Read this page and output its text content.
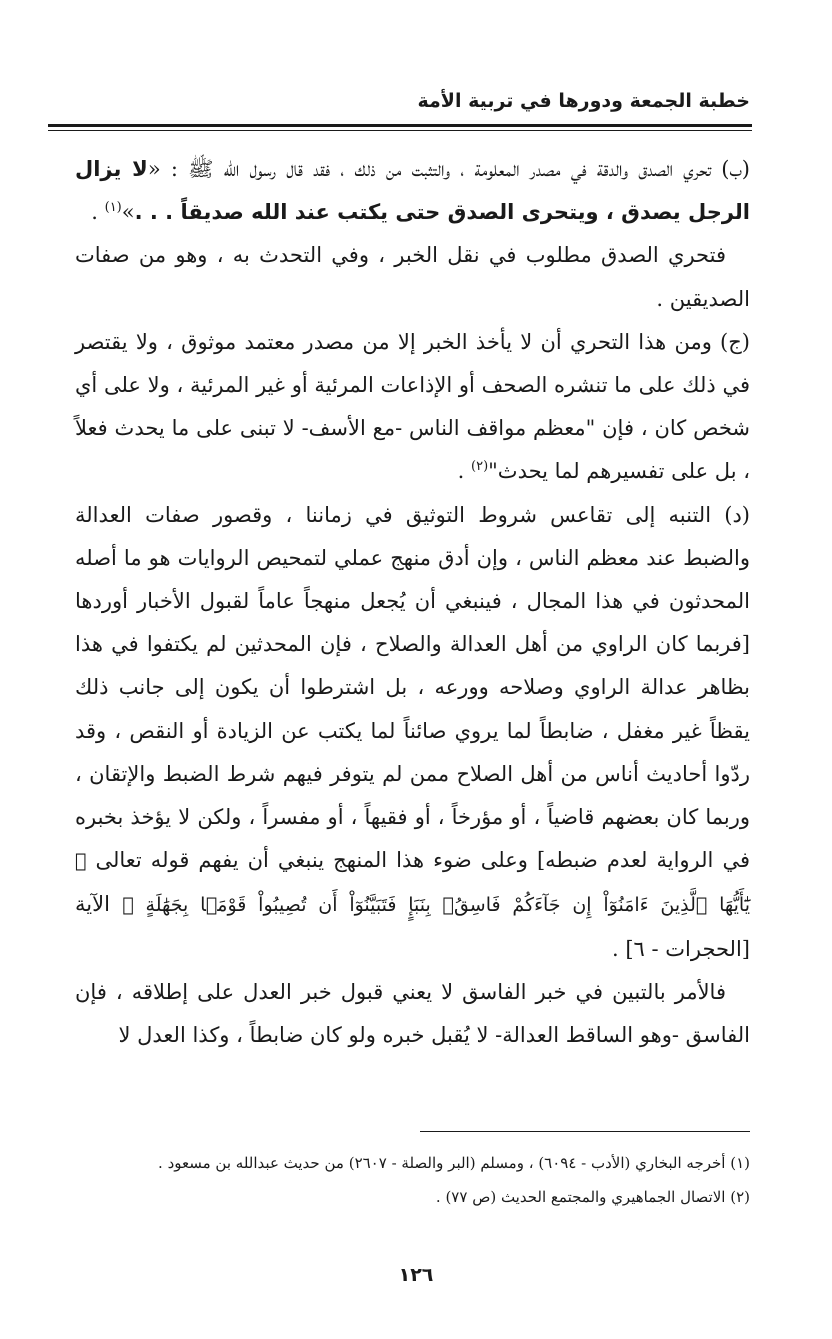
خطبة الجمعة ودورها في تربية الأمة

(ب) تحري الصدق والدقة في مصدر المعلومة ، والتثبت من ذلك ، فقد قال رسول الله ﷺ : «لا يزال الرجل يصدق ، ويتحرى الصدق حتى يكتب عند الله صديقاً . . .»$^{(١)}$ .

فتحري الصدق مطلوب في نقل الخبر ، وفي التحدث به ، وهو من صفات الصديقين .

(ج) ومن هذا التحري أن لا يأخذ الخبر إلا من مصدر معتمد موثوق ، ولا يقتصر في ذلك على ما تنشره الصحف أو الإذاعات المرئية أو غير المرئية ، ولا على أي شخص كان ، فإن "معظم مواقف الناس -مع الأسف- لا تبنى على ما يحدث فعلاً ، بل على تفسيرهم لما يحدث"$^{(٢)}$ .

(د) التنبه إلى تقاعس شروط التوثيق في زماننا ، وقصور صفات العدالة والضبط عند معظم الناس ، وإن أدق منهج عملي لتمحيص الروايات هو ما أصله المحدثون في هذا المجال ، فينبغي أن يُجعل منهجاً عاماً لقبول الأخبار أوردها [فربما كان الراوي من أهل العدالة والصلاح ، فإن المحدثين لم يكتفوا في هذا بظاهر عدالة الراوي وصلاحه وورعه ، بل اشترطوا أن يكون إلى جانب ذلك يقظاً غير مغفل ، ضابطاً لما يروي صائناً لما يكتب عن الزيادة أو النقص ، وقد ردّوا أحاديث أناس من أهل الصلاح ممن لم يتوفر فيهم شرط الضبط والإتقان ، وربما كان بعضهم قاضياً ، أو مؤرخاً ، أو فقيهاً ، أو مفسراً ، ولكن لا يؤخذ بخبره في الرواية لعدم ضبطه] وعلى ضوء هذا المنهج ينبغي أن يفهم قوله تعالى ﴿ يَٰٓأَيُّهَا ٱلَّذِينَ ءَامَنُوٓاْ إِن جَآءَكُمْ فَاسِقُۢ بِنَبَإٍ فَتَبَيَّنُوٓاْ أَن تُصِيبُواْ قَوْمَۢا بِجَهَٰلَةٍ ﴾ الآية [الحجرات - ٦] .

فالأمر بالتبين في خبر الفاسق لا يعني قبول خبر العدل على إطلاقه ، فإن الفاسق -وهو الساقط العدالة- لا يُقبل خبره ولو كان ضابطاً ، وكذا العدل لا

(١) أخرجه البخاري (الأدب - ٦٠٩٤) ، ومسلم (البر والصلة - ٢٦٠٧) من حديث عبدالله بن مسعود .

(٢) الاتصال الجماهيري والمجتمع الحديث (ص ٧٧) .

١٢٦
